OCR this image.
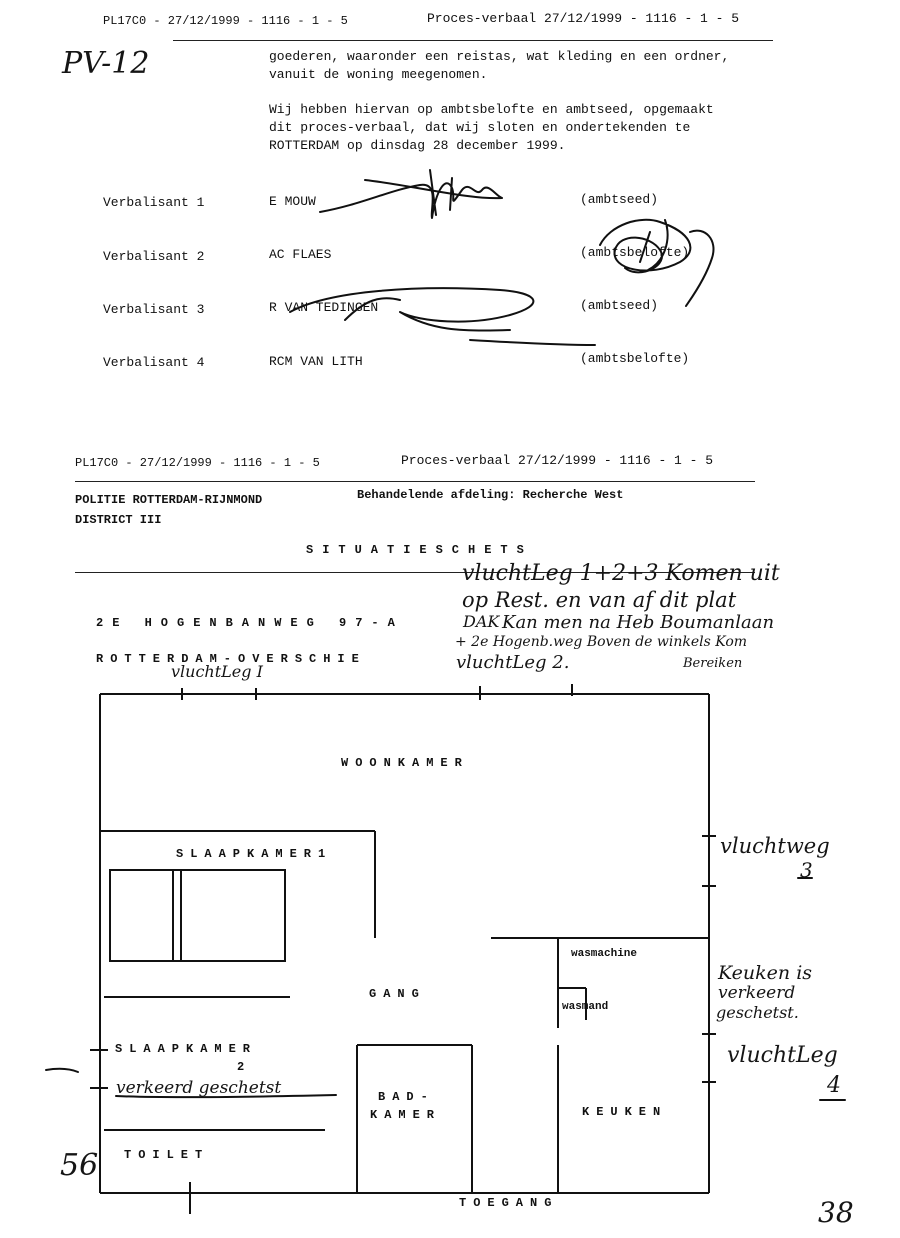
PL17C0 - 27/12/1999 - 1116 - 1 - 5	Proces-verbaal 27/12/1999 - 1116 - 1 - 5
PV-12	goederen, waaronder een reistas, wat kleding en een ordner,
vanuit de woning meegenomen.
Wij hebben hiervan op ambtsbelofte en ambtseed, opgemaakt
dit proces-verbaal, dat wij sloten en ondertekenden te
ROTTERDAM op dinsdag 28 december 1999.
Verbalisant 1	E MOUW	(ambtseed)
Verbalisant 2	AC FLAES	(ambtsbelofte)
Verbalisant 3	R VAN TEDINGEN	(ambtseed)
Verbalisant 4	RCM VAN LITH	(ambtsbelofte)
PL17C0 - 27/12/1999 - 1116 - 1 - 5	Proces-verbaal 27/12/1999 - 1116 - 1 - 5
POLITIE ROTTERDAM-RIJNMOND
DISTRICT III
Behandelende afdeling: Recherche West
SITUATIESCHETS
2E HOGENBANWEG 97-A
ROTTERDAM-OVERSCHIE
WOONKAMER
SLAAPKAMER1
GANG
wasmachine
wasmand
SLAAPKAMER
2
BAD-
KAMER	KEUKEN
TOILET
TOEGANG
vluchtLeg 1+2+3 Komen uit
op Rest. en van af dit plat
Kan men na Heb Boumanlaan
DAK
+ 2e Hogenb.weg Boven de winkels Kom
Bereiken
vluchtLeg I	vluchtLeg 2.
vluchtweg
3
Keuken is
verkeerd
geschetst.
vluchtLeg
4
verkeerd geschetst
56
38
